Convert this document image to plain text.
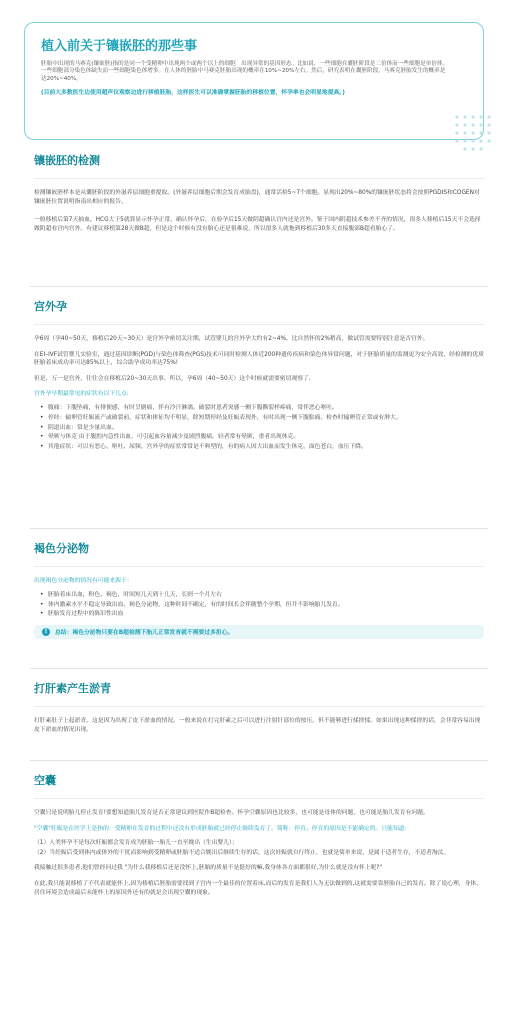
植入前关于镶嵌胚的那些事
胚胎中出现的马赛克(镶嵌胚)指的是同一个受精卵中出现两个或两个以上的细胞　出现异常的基因形态。比如说，一些细胞在囊胚阶段是二倍体而一些细胞是单倍体。
一些细胞部分染色体缺失而一些细胞染色体增多。在人体的胚胎中马赛克胚胎出现的概率在10%~20%左右。然后，研究表明在囊胚阶段，马赛克胚胎发生的概率是
达20%~40%。
(目前大多数医生边使用超声仪观察边进行移植胚胎，这样医生可以准确掌握胚胎的移植位置，怀孕率也会明显地提高。)
镶嵌胚的检测
检测镶嵌胚样本是从囊胚阶段的外滋养层细胞重提取。(外滋养层细胞后期会发育成胎盘)，通常活检5~7个细胞。显现出20%~80%的镶嵌胚状态将会按照PGDIS和COGEN对镶嵌胚位置说明指南出相应的报告。
一般移植后第7天抽血，HCG大于5就算显示怀孕正常，确认怀孕后，在验孕后15天做阴超确认宫内还是宫外。鉴于国内阴超技术参差不齐的情况，很多人移植后15天不会选择做阴超看宫内宫外。有建议移植第28天做B超，但是这个时候有没有胎心还是很难说，所以很多人就拖到移植后30多天直接腹部B超看胎心了。
宫外孕
孕6周（孕40~50天，移植后20天~30天）是宫外孕密切关注期，试管婴儿的宫外孕大约有2~4%，比自然怀的2%稍高，做试管需要特别注意是否宫外。
在EI–IVF试管婴儿实验室，通过基因诊断(PGD)与染色体筛查(PGS)技术可同时检测人体近200种遗传疾病和染色体异常问题，对于胚胎质量的监测更为安全高效，经检测的优质胚胎着床成功率可达85%以上，综合助孕成功率达75%!
但是，万一是宫外，往往会在移植后20~30天出事、所以，孕6周（40~50天）这个时候就需要密切观察了.
宫外孕早期最常见的症状有以下几点:
• 腹痛：下腹坠痛，有排便感，有时呈剧痛，伴有冷汗淋漓。破裂时患者突感一侧下腹撕裂样疼痛，常伴恶心呕吐。
• 停经：输卵管妊娠流产或破裂前，症状和体征均不明显，除短期停经及妊娠表现外，有时出现一侧下腹胀痛。检查时输卵管正常或有肿大。
• 阴道出血：常是少量出血。
• 晕厥与休克 由于腹腔内急性出血，可引起血容量减少及剧烈腹痛，轻者常有晕厥，重者出现休克。
• 其他症状：可以有恶心、呕吐、尿频。宫外孕的症状常常是不典型的，有的病人因大出血而发生休克，面色苍白，血压下降。
褐色分泌物
出现褐色分泌物的情况有可能来源于：
• 胚胎着床出血，粉色、褐色，时间短几天到十几天，长则一个月左右
• 体内激素水平不稳定导致出血、褐色分泌物，这种时间不确定，有的时间长会伴随整个孕期，但并不影响胎儿发育。
• 胚胎发育过程中的陈旧性出血
!	总结：褐色分泌物只要在B超检测下胎儿正常发育就不需要过多担心。
打肝素产生淤青
打肝素肚子上起淤青，这是因为出现了皮下淤血的情况。一般来说在打完肝素之后可以进行注射针部位的按压，但不能够进行揉搓揉。如果出现这种揉搓的话，会非常容易出现皮下淤血的情况出现。
空囊
空囊只是说明胎儿停止发育!要想知道胎儿发育是否正常建议到医院作B超检查。怀孕空囊原因也比较多，也可能是母体的问题，也可能是胎儿发育有问题。
"空囊"妊娠是在医学上是指的：受精卵在发育的过程中还没有形成胚胎就已经停止继续发育了。简称：停育。停育的原因是不能确定的。只能知道：
（1）人类怀孕不是每次妊娠都会发育成为胚胎一胎儿一直至娩出（生出婴儿）；
（2）当妊娠后受到体内或体外的干扰而影响到受精卵或胚胎不适合娩出后继续生存的话，这次妊娠就自行终止，也就是简单来说，是属于适者生存，不适者淘汰。
我接触过很多患者,他们曾经问过我 "为什么我移植后还是没怀上,胚胎的质量不是挺好的嘛,我身体各方面都很好,为什么就是没有怀上呢?"
在此,我只能说移植了不代表就能怀上,因为移植后胚胎需要找到子宫内一个最佳的位置着床,而后的发育是我们人为无法做到的,这就需要靠胚胎自己的发育。除了说心理，身体、居住环境会造成最后未能怀上的原因外还有的就是会出现空囊的现象。
